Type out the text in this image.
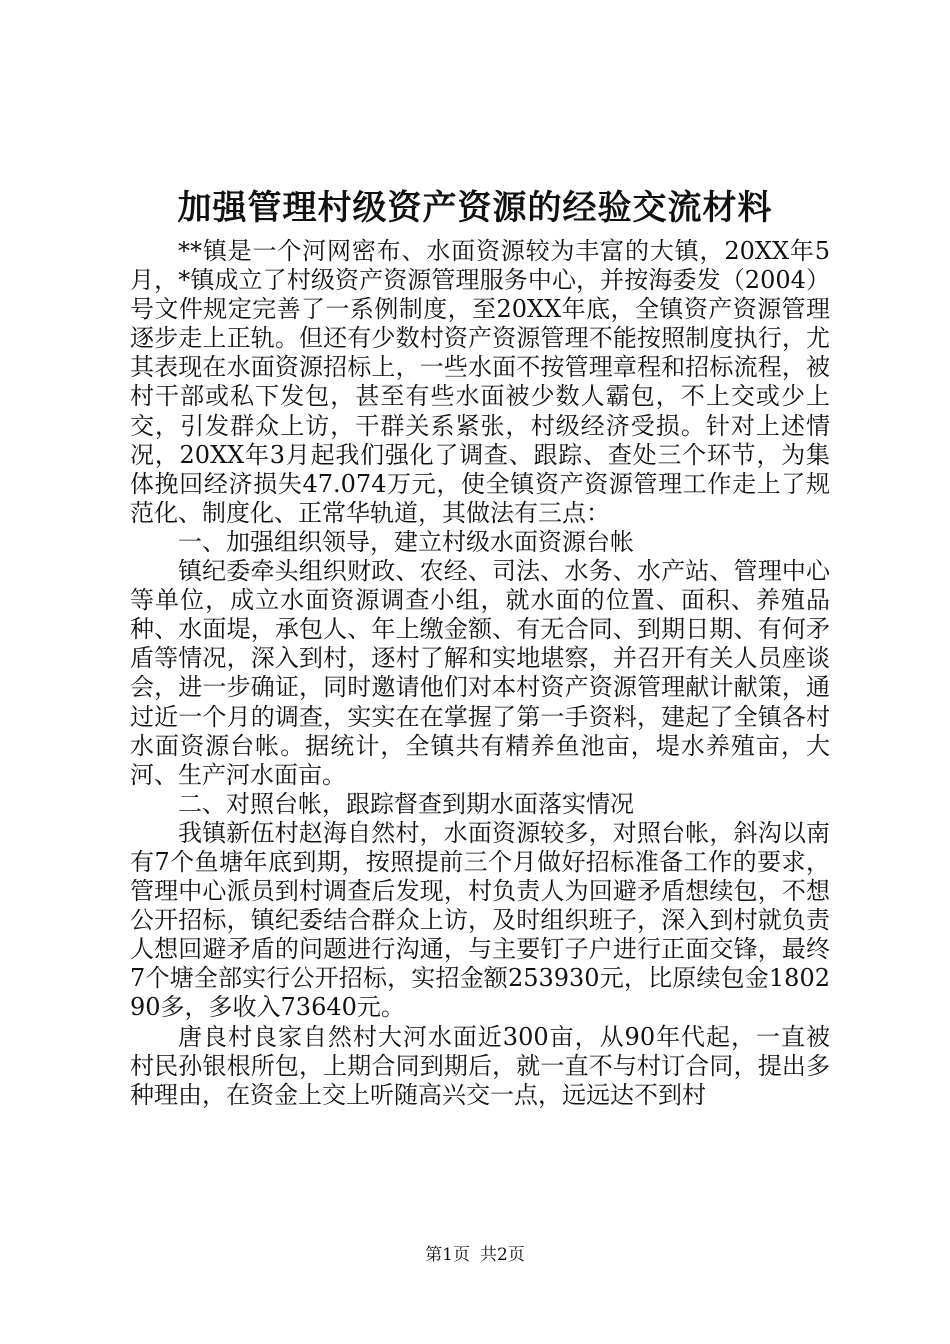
加强管理村级资产资源的经验交流材料

**镇是一个河网密布、水面资源较为丰富的大镇，20XX年5月，*镇成立了村级资产资源管理服务中心，并按海委发（2004）号文件规定完善了一系例制度，至20XX年底，全镇资产资源管理逐步走上正轨。但还有少数村资产资源管理不能按照制度执行，尤其表现在水面资源招标上，一些水面不按管理章程和招标流程，被村干部或私下发包，甚至有些水面被少数人霸包，不上交或少上交，引发群众上访，干群关系紧张，村级经济受损。针对上述情况，20XX年3月起我们强化了调查、跟踪、查处三个环节，为集体挽回经济损失47.074万元，使全镇资产资源管理工作走上了规范化、制度化、正常华轨道，其做法有三点：

一、加强组织领导，建立村级水面资源台帐

镇纪委牵头组织财政、农经、司法、水务、水产站、管理中心等单位，成立水面资源调查小组，就水面的位置、面积、养殖品种、水面堤，承包人、年上缴金额、有无合同、到期日期、有何矛盾等情况，深入到村，逐村了解和实地堪察，并召开有关人员座谈会，进一步确证，同时邀请他们对本村资产资源管理献计献策，通过近一个月的调查，实实在在掌握了第一手资料，建起了全镇各村水面资源台帐。据统计，全镇共有精养鱼池亩，堤水养殖亩，大河、生产河水面亩。

二、对照台帐，跟踪督查到期水面落实情况

我镇新伍村赵海自然村，水面资源较多，对照台帐，斜沟以南有7个鱼塘年底到期，按照提前三个月做好招标准备工作的要求，管理中心派员到村调查后发现，村负责人为回避矛盾想续包，不想公开招标，镇纪委结合群众上访，及时组织班子，深入到村就负责人想回避矛盾的问题进行沟通，与主要钉子户进行正面交锋，最终7个塘全部实行公开招标，实招金额253930元，比原续包金180290多，多收入73640元。

唐良村良家自然村大河水面近300亩，从90年代起，一直被村民孙银根所包，上期合同到期后，就一直不与村订合同，提出多种理由，在资金上交上听随高兴交一点，远远达不到村

第1页 共2页
